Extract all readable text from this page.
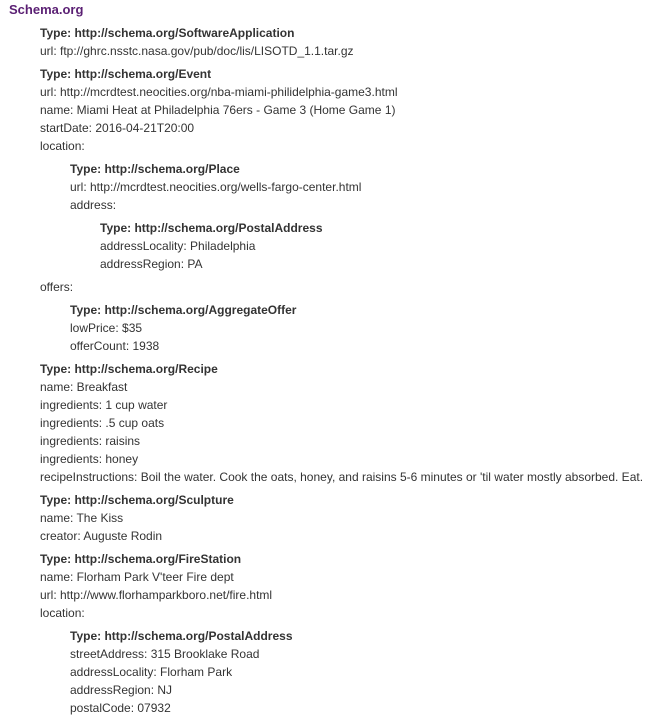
Schema.org
Type: http://schema.org/SoftwareApplication
url: ftp://ghrc.nsstc.nasa.gov/pub/doc/lis/LISOTD_1.1.tar.gz
Type: http://schema.org/Event
url: http://mcrdtest.neocities.org/nba-miami-philidelphia-game3.html
name: Miami Heat at Philadelphia 76ers - Game 3 (Home Game 1)
startDate: 2016-04-21T20:00
location:
Type: http://schema.org/Place
url: http://mcrdtest.neocities.org/wells-fargo-center.html
address:
Type: http://schema.org/PostalAddress
addressLocality: Philadelphia
addressRegion: PA
offers:
Type: http://schema.org/AggregateOffer
lowPrice: $35
offerCount: 1938
Type: http://schema.org/Recipe
name: Breakfast
ingredients: 1 cup water
ingredients: .5 cup oats
ingredients: raisins
ingredients: honey
recipeInstructions: Boil the water. Cook the oats, honey, and raisins 5-6 minutes or 'til water mostly absorbed. Eat.
Type: http://schema.org/Sculpture
name: The Kiss
creator: Auguste Rodin
Type: http://schema.org/FireStation
name: Florham Park V'teer Fire dept
url: http://www.florhamparkboro.net/fire.html
location:
Type: http://schema.org/PostalAddress
streetAddress: 315 Brooklake Road
addressLocality: Florham Park
addressRegion: NJ
postalCode: 07932
